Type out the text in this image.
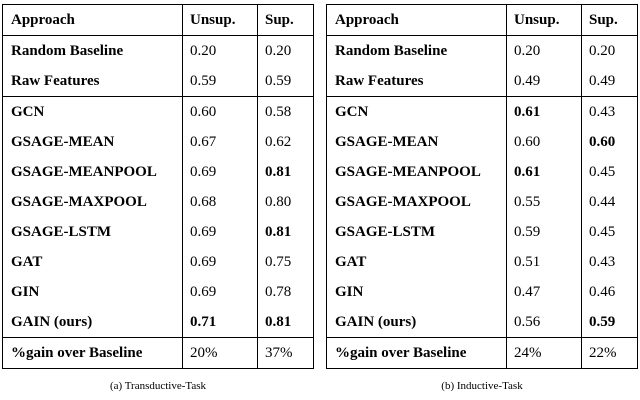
Approach	Unsup.	Sup.
Random Baseline	0.20	0.20
Raw Features	0.59	0.59
GCN	0.60	0.58
GSAGE-MEAN	0.67	0.62
GSAGE-MEANPOOL	0.69	0.81
GSAGE-MAXPOOL	0.68	0.80
GSAGE-LSTM	0.69	0.81
GAT	0.69	0.75
GIN	0.69	0.78
GAIN (ours)	0.71	0.81
%gain over Baseline	20%	37%
(a) Transductive-Task
Approach	Unsup.	Sup.
Random Baseline	0.20	0.20
Raw Features	0.49	0.49
GCN	0.61	0.43
GSAGE-MEAN	0.60	0.60
GSAGE-MEANPOOL	0.61	0.45
GSAGE-MAXPOOL	0.55	0.44
GSAGE-LSTM	0.59	0.45
GAT	0.51	0.43
GIN	0.47	0.46
GAIN (ours)	0.56	0.59
%gain over Baseline	24%	22%
(b) Inductive-Task
